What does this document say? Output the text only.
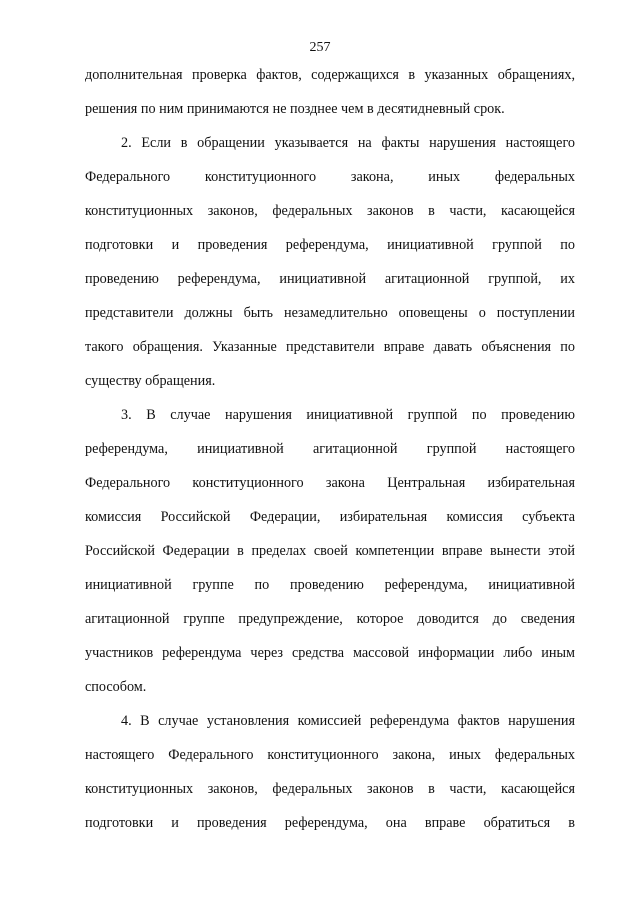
257
дополнительная проверка фактов, содержащихся в указанных обращениях,
решения по ним принимаются не позднее чем в десятидневный срок.
2. Если в обращении указывается на факты нарушения настоящего
Федерального конституционного закона, иных федеральных
конституционных законов, федеральных законов в части, касающейся
подготовки и проведения референдума, инициативной группой по
проведению референдума, инициативной агитационной группой, их
представители должны быть незамедлительно оповещены о поступлении
такого обращения. Указанные представители вправе давать объяснения по
существу обращения.
3. В случае нарушения инициативной группой по проведению
референдума, инициативной агитационной группой настоящего
Федерального конституционного закона Центральная избирательная
комиссия Российской Федерации, избирательная комиссия субъекта
Российской Федерации в пределах своей компетенции вправе вынести этой
инициативной группе по проведению референдума, инициативной
агитационной группе предупреждение, которое доводится до сведения
участников референдума через средства массовой информации либо иным
способом.
4. В случае установления комиссией референдума фактов нарушения
настоящего Федерального конституционного закона, иных федеральных
конституционных законов, федеральных законов в части, касающейся
подготовки и проведения референдума, она вправе обратиться в
